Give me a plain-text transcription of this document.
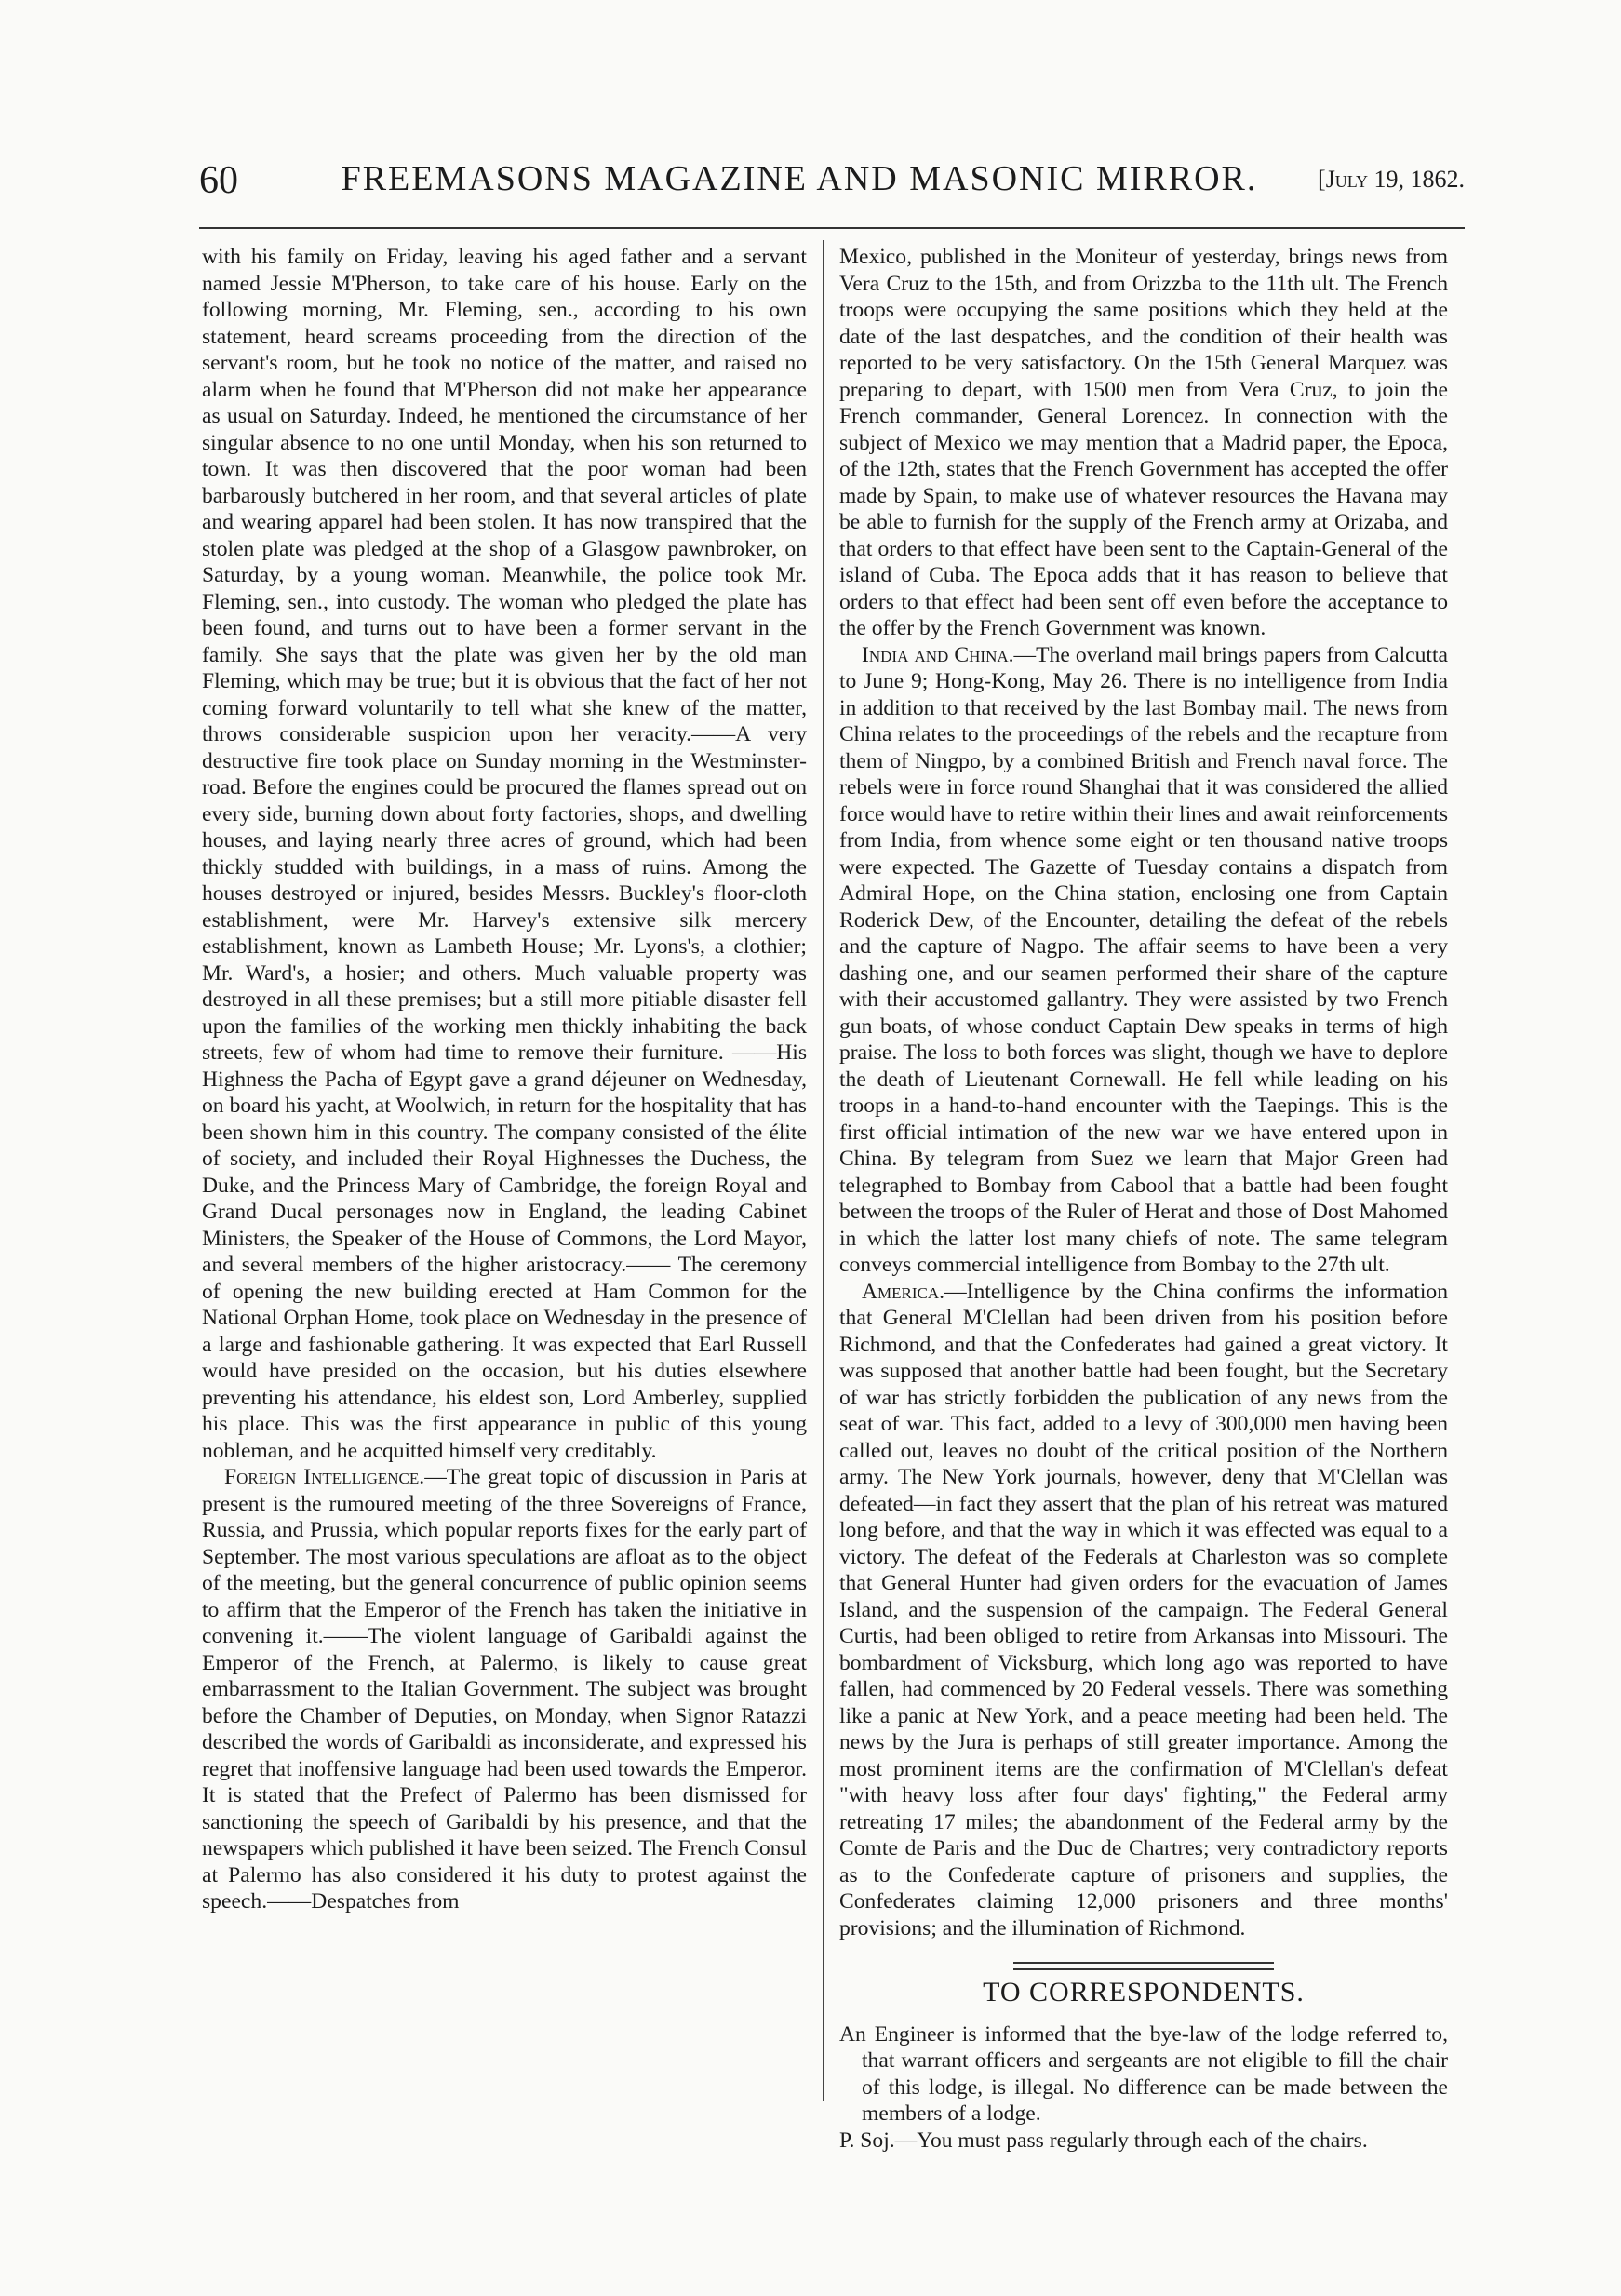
60	FREEMASONS MAGAZINE AND MASONIC MIRROR.	[July 19, 1862.

with his family on Friday, leaving his aged father and a servant named Jessie M'Pherson, to take care of his house. Early on the following morning, Mr. Fleming, sen., according to his own statement, heard screams proceeding from the direction of the servant's room, but he took no notice of the matter, and raised no alarm when he found that M'Pherson did not make her appearance as usual on Saturday. Indeed, he mentioned the circumstance of her singular absence to no one until Monday, when his son returned to town. It was then discovered that the poor woman had been barbarously butchered in her room, and that several articles of plate and wearing apparel had been stolen. It has now transpired that the stolen plate was pledged at the shop of a Glasgow pawnbroker, on Saturday, by a young woman. Meanwhile, the police took Mr. Fleming, sen., into custody. The woman who pledged the plate has been found, and turns out to have been a former servant in the family. She says that the plate was given her by the old man Fleming, which may be true; but it is obvious that the fact of her not coming forward voluntarily to tell what she knew of the matter, throws considerable suspicion upon her veracity.——A very destructive fire took place on Sunday morning in the Westminster-road. Before the engines could be procured the flames spread out on every side, burning down about forty factories, shops, and dwelling houses, and laying nearly three acres of ground, which had been thickly studded with buildings, in a mass of ruins. Among the houses destroyed or injured, besides Messrs. Buckley's floor-cloth establishment, were Mr. Harvey's extensive silk mercery establishment, known as Lambeth House; Mr. Lyons's, a clothier; Mr. Ward's, a hosier; and others. Much valuable property was destroyed in all these premises; but a still more pitiable disaster fell upon the families of the working men thickly inhabiting the back streets, few of whom had time to remove their furniture. ——His Highness the Pacha of Egypt gave a grand déjeuner on Wednesday, on board his yacht, at Woolwich, in return for the hospitality that has been shown him in this country. The company consisted of the élite of society, and included their Royal Highnesses the Duchess, the Duke, and the Princess Mary of Cambridge, the foreign Royal and Grand Ducal personages now in England, the leading Cabinet Ministers, the Speaker of the House of Commons, the Lord Mayor, and several members of the higher aristocracy.—— The ceremony of opening the new building erected at Ham Common for the National Orphan Home, took place on Wednesday in the presence of a large and fashionable gathering. It was expected that Earl Russell would have presided on the occasion, but his duties elsewhere preventing his attendance, his eldest son, Lord Amberley, supplied his place. This was the first appearance in public of this young nobleman, and he acquitted himself very creditably.

Foreign Intelligence.—The great topic of discussion in Paris at present is the rumoured meeting of the three Sovereigns of France, Russia, and Prussia, which popular reports fixes for the early part of September. The most various speculations are afloat as to the object of the meeting, but the general concurrence of public opinion seems to affirm that the Emperor of the French has taken the initiative in convening it.——The violent language of Garibaldi against the Emperor of the French, at Palermo, is likely to cause great embarrassment to the Italian Government. The subject was brought before the Chamber of Deputies, on Monday, when Signor Ratazzi described the words of Garibaldi as inconsiderate, and expressed his regret that inoffensive language had been used towards the Emperor. It is stated that the Prefect of Palermo has been dismissed for sanctioning the speech of Garibaldi by his presence, and that the newspapers which published it have been seized. The French Consul at Palermo has also considered it his duty to protest against the speech.——Despatches from

Mexico, published in the Moniteur of yesterday, brings news from Vera Cruz to the 15th, and from Orizzba to the 11th ult. The French troops were occupying the same positions which they held at the date of the last despatches, and the condition of their health was reported to be very satisfactory. On the 15th General Marquez was preparing to depart, with 1500 men from Vera Cruz, to join the French commander, General Lorencez. In connection with the subject of Mexico we may mention that a Madrid paper, the Epoca, of the 12th, states that the French Government has accepted the offer made by Spain, to make use of whatever resources the Havana may be able to furnish for the supply of the French army at Orizaba, and that orders to that effect have been sent to the Captain-General of the island of Cuba. The Epoca adds that it has reason to believe that orders to that effect had been sent off even before the acceptance to the offer by the French Government was known.

India and China.—The overland mail brings papers from Calcutta to June 9; Hong-Kong, May 26. There is no intelligence from India in addition to that received by the last Bombay mail. The news from China relates to the proceedings of the rebels and the recapture from them of Ningpo, by a combined British and French naval force. The rebels were in force round Shanghai that it was considered the allied force would have to retire within their lines and await reinforcements from India, from whence some eight or ten thousand native troops were expected. The Gazette of Tuesday contains a dispatch from Admiral Hope, on the China station, enclosing one from Captain Roderick Dew, of the Encounter, detailing the defeat of the rebels and the capture of Nagpo. The affair seems to have been a very dashing one, and our seamen performed their share of the capture with their accustomed gallantry. They were assisted by two French gun boats, of whose conduct Captain Dew speaks in terms of high praise. The loss to both forces was slight, though we have to deplore the death of Lieutenant Cornewall. He fell while leading on his troops in a hand-to-hand encounter with the Taepings. This is the first official intimation of the new war we have entered upon in China. By telegram from Suez we learn that Major Green had telegraphed to Bombay from Cabool that a battle had been fought between the troops of the Ruler of Herat and those of Dost Mahomed in which the latter lost many chiefs of note. The same telegram conveys commercial intelligence from Bombay to the 27th ult.

America.—Intelligence by the China confirms the information that General M'Clellan had been driven from his position before Richmond, and that the Confederates had gained a great victory. It was supposed that another battle had been fought, but the Secretary of war has strictly forbidden the publication of any news from the seat of war. This fact, added to a levy of 300,000 men having been called out, leaves no doubt of the critical position of the Northern army. The New York journals, however, deny that M'Clellan was defeated—in fact they assert that the plan of his retreat was matured long before, and that the way in which it was effected was equal to a victory. The defeat of the Federals at Charleston was so complete that General Hunter had given orders for the evacuation of James Island, and the suspension of the campaign. The Federal General Curtis, had been obliged to retire from Arkansas into Missouri. The bombardment of Vicksburg, which long ago was reported to have fallen, had commenced by 20 Federal vessels. There was something like a panic at New York, and a peace meeting had been held. The news by the Jura is perhaps of still greater importance. Among the most prominent items are the confirmation of M'Clellan's defeat "with heavy loss after four days' fighting," the Federal army retreating 17 miles; the abandonment of the Federal army by the Comte de Paris and the Duc de Chartres; very contradictory reports as to the Confederate capture of prisoners and supplies, the Confederates claiming 12,000 prisoners and three months' provisions; and the illumination of Richmond.

TO CORRESPONDENTS.

An Engineer is informed that the bye-law of the lodge referred to, that warrant officers and sergeants are not eligible to fill the chair of this lodge, is illegal. No difference can be made between the members of a lodge.

P. Soj.—You must pass regularly through each of the chairs.
